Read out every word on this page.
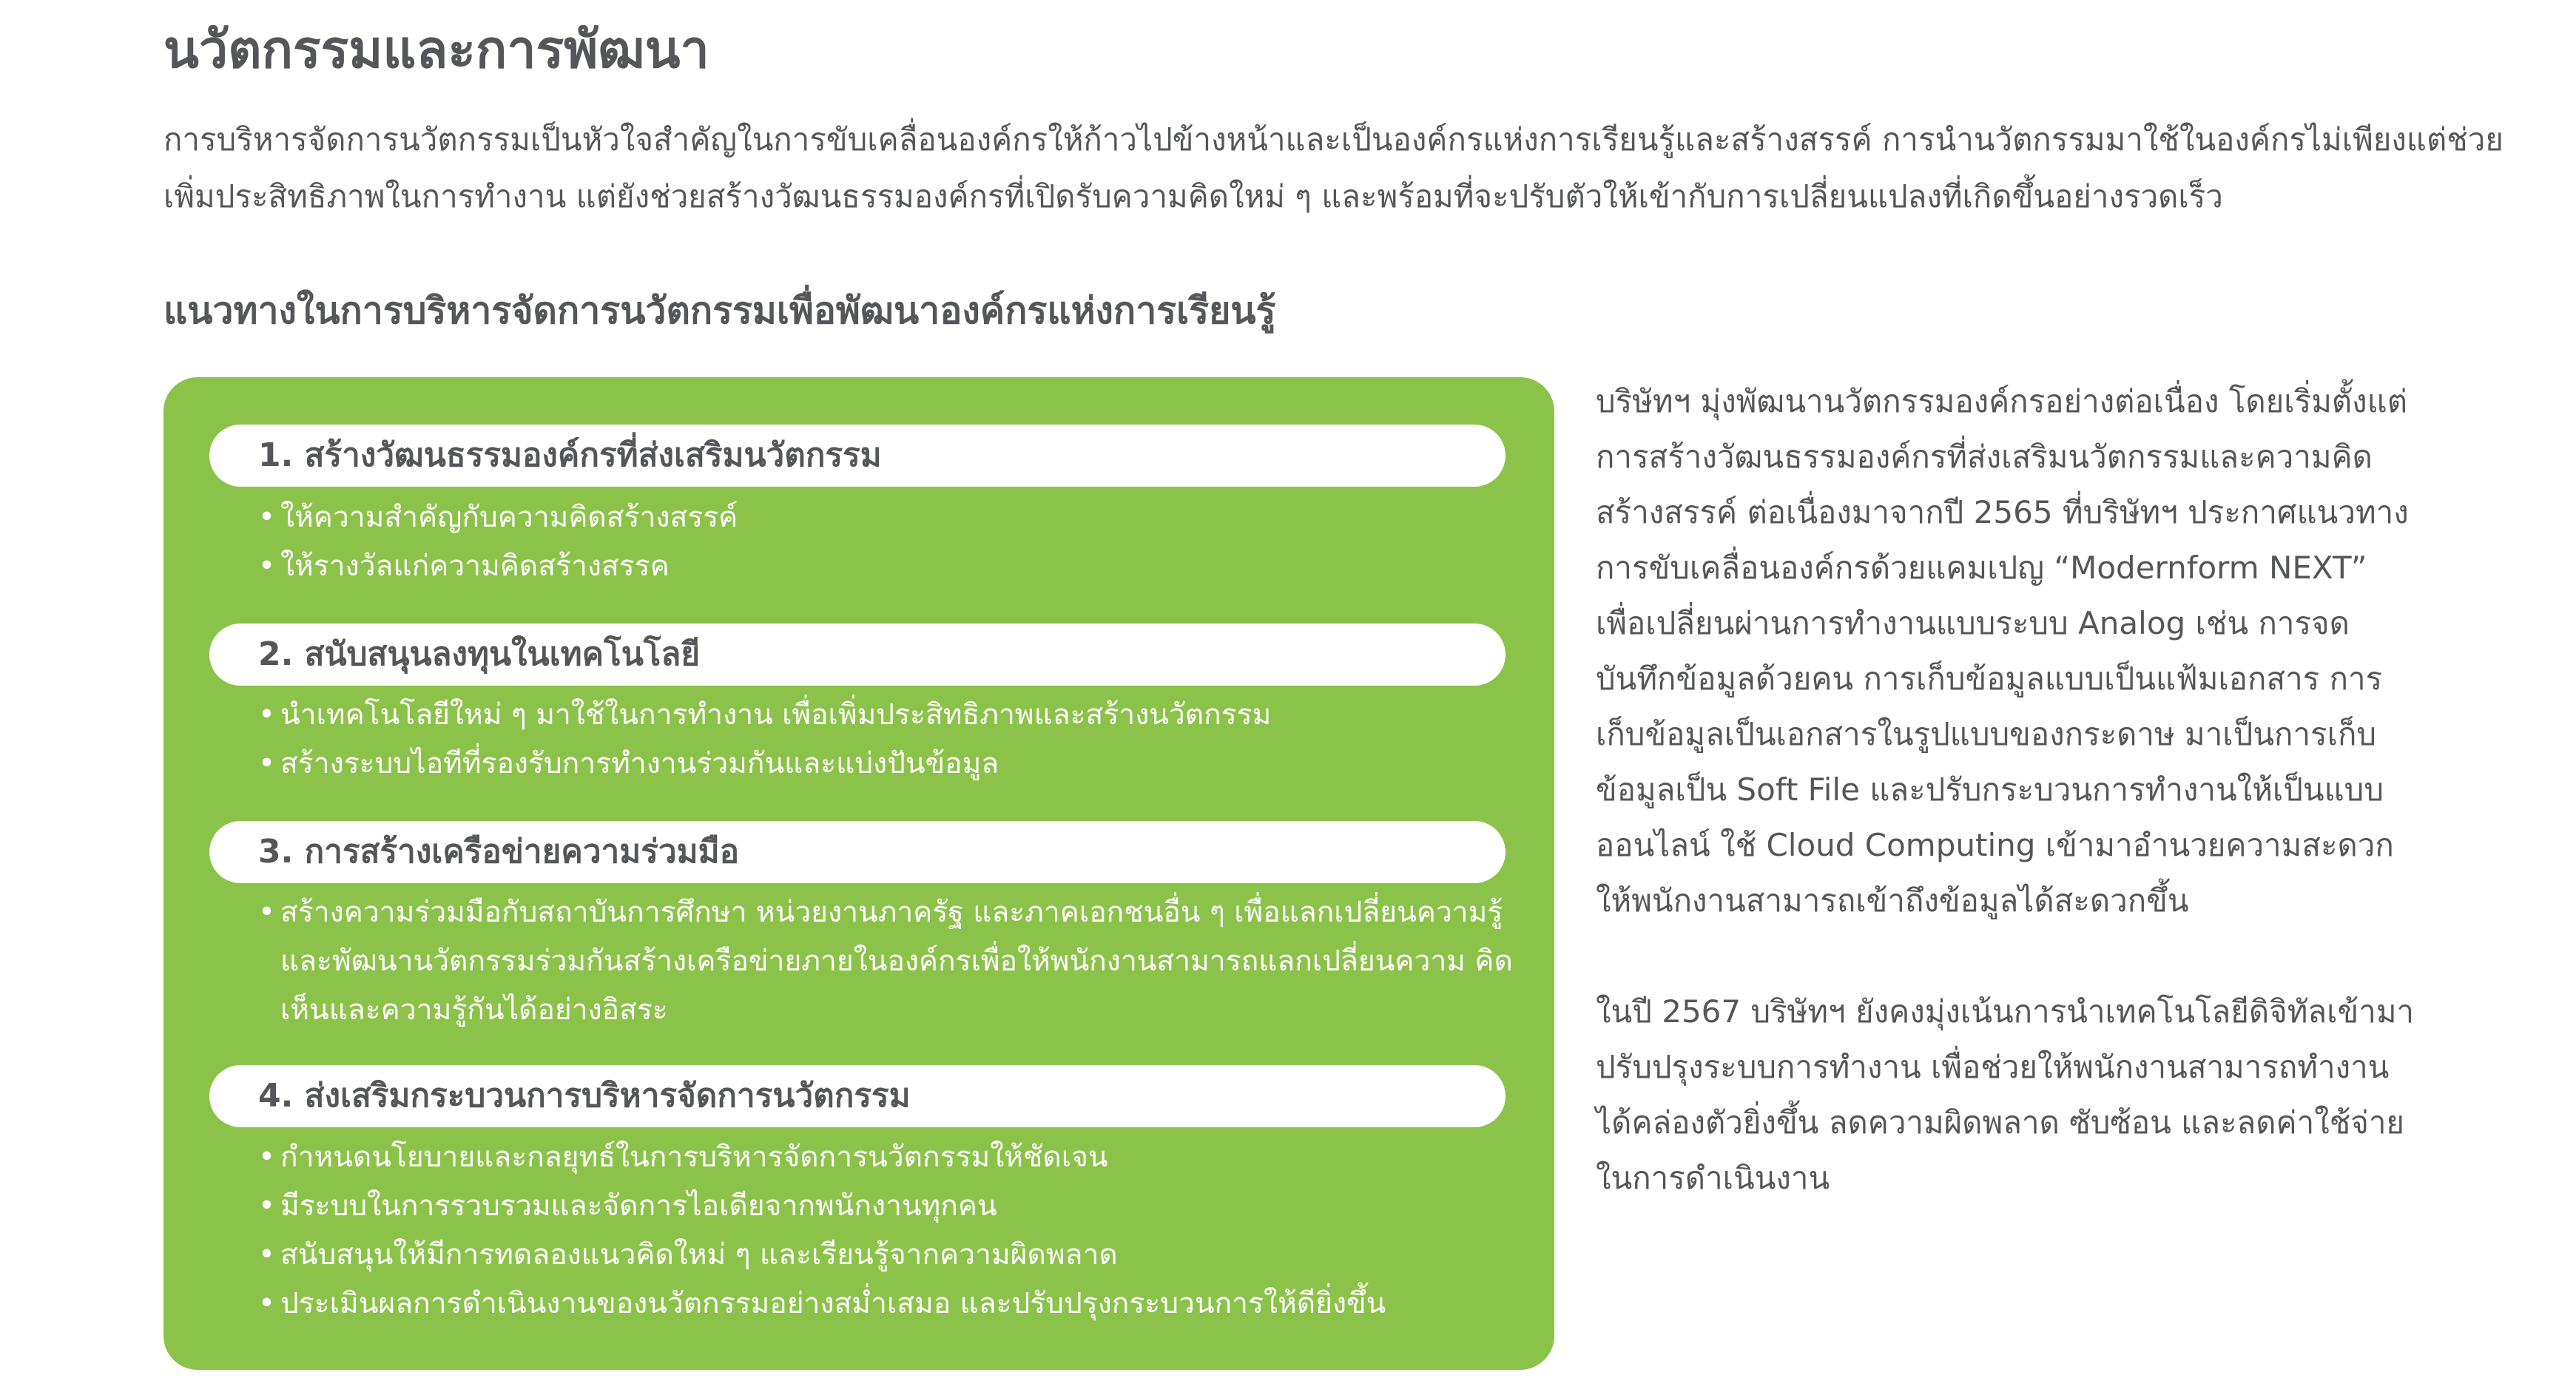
นวัตกรรมและการพัฒนา

การบริหารจัดการนวัตกรรมเป็นหัวใจสำคัญในการขับเคลื่อนองค์กรให้ก้าวไปข้างหน้าและเป็นองค์กรแห่งการเรียนรู้และสร้างสรรค์ การนำนวัตกรรมมาใช้ในองค์กรไม่เพียงแต่ช่วย

เพิ่มประสิทธิภาพในการทำงาน แต่ยังช่วยสร้างวัฒนธรรมองค์กรที่เปิดรับความคิดใหม่ ๆ และพร้อมที่จะปรับตัวให้เข้ากับการเปลี่ยนแปลงที่เกิดขึ้นอย่างรวดเร็ว

แนวทางในการบริหารจัดการนวัตกรรมเพื่อพัฒนาองค์กรแห่งการเรียนรู้
1. สร้างวัฒนธรรมองค์กรที่ส่งเสริมนวัตกรรม
• ให้ความสำคัญกับความคิดสร้างสรรค์
• ให้รางวัลแก่ความคิดสร้างสรรค
2. สนับสนุนลงทุนในเทคโนโลยี
• นำเทคโนโลยีใหม่ ๆ มาใช้ในการทำงาน เพื่อเพิ่มประสิทธิภาพและสร้างนวัตกรรม
• สร้างระบบไอทีที่รองรับการทำงานร่วมกันและแบ่งปันข้อมูล
3. การสร้างเครือข่ายความร่วมมือ
• สร้างความร่วมมือกับสถาบันการศึกษา หน่วยงานภาครัฐ และภาคเอกชนอื่น ๆ เพื่อแลกเปลี่ยนความรู้ และพัฒนานวัตกรรมร่วมกันสร้างเครือข่ายภายในองค์กรเพื่อให้พนักงานสามารถแลกเปลี่ยนความ คิดเห็นและความรู้กันได้อย่างอิสระ
4. ส่งเสริมกระบวนการบริหารจัดการนวัตกรรม
• กำหนดนโยบายและกลยุทธ์ในการบริหารจัดการนวัตกรรมให้ชัดเจน
• มีระบบในการรวบรวมและจัดการไอเดียจากพนักงานทุกคน
• สนับสนุนให้มีการทดลองแนวคิดใหม่ ๆ และเรียนรู้จากความผิดพลาด
• ประเมินผลการดำเนินงานของนวัตกรรมอย่างสม่ำเสมอ และปรับปรุงกระบวนการให้ดียิ่งขึ้น

บริษัทฯ มุ่งพัฒนานวัตกรรมองค์กรอย่างต่อเนื่อง โดยเริ่มตั้งแต่การสร้างวัฒนธรรมองค์กรที่ส่งเสริมนวัตกรรมและความคิดสร้างสรรค์ ต่อเนื่องมาจากปี 2565 ที่บริษัทฯ ประกาศแนวทางการขับเคลื่อนองค์กรด้วยแคมเปญ “Modernform NEXT” เพื่อเปลี่ยนผ่านการทำงานแบบระบบ Analog เช่น การจดบันทึกข้อมูลด้วยคน การเก็บข้อมูลแบบเป็นแฟ้มเอกสาร การเก็บข้อมูลเป็นเอกสารในรูปแบบของกระดาษ มาเป็นการเก็บข้อมูลเป็น Soft File และปรับกระบวนการทำงานให้เป็นแบบออนไลน์ ใช้ Cloud Computing เข้ามาอำนวยความสะดวกให้พนักงานสามารถเข้าถึงข้อมูลได้สะดวกขึ้น

ในปี 2567 บริษัทฯ ยังคงมุ่งเน้นการนำเทคโนโลยีดิจิทัลเข้ามาปรับปรุงระบบการทำงาน เพื่อช่วยให้พนักงานสามารถทำงานได้คล่องตัวยิ่งขึ้น ลดความผิดพลาด ซับซ้อน และลดค่าใช้จ่ายในการดำเนินงาน
